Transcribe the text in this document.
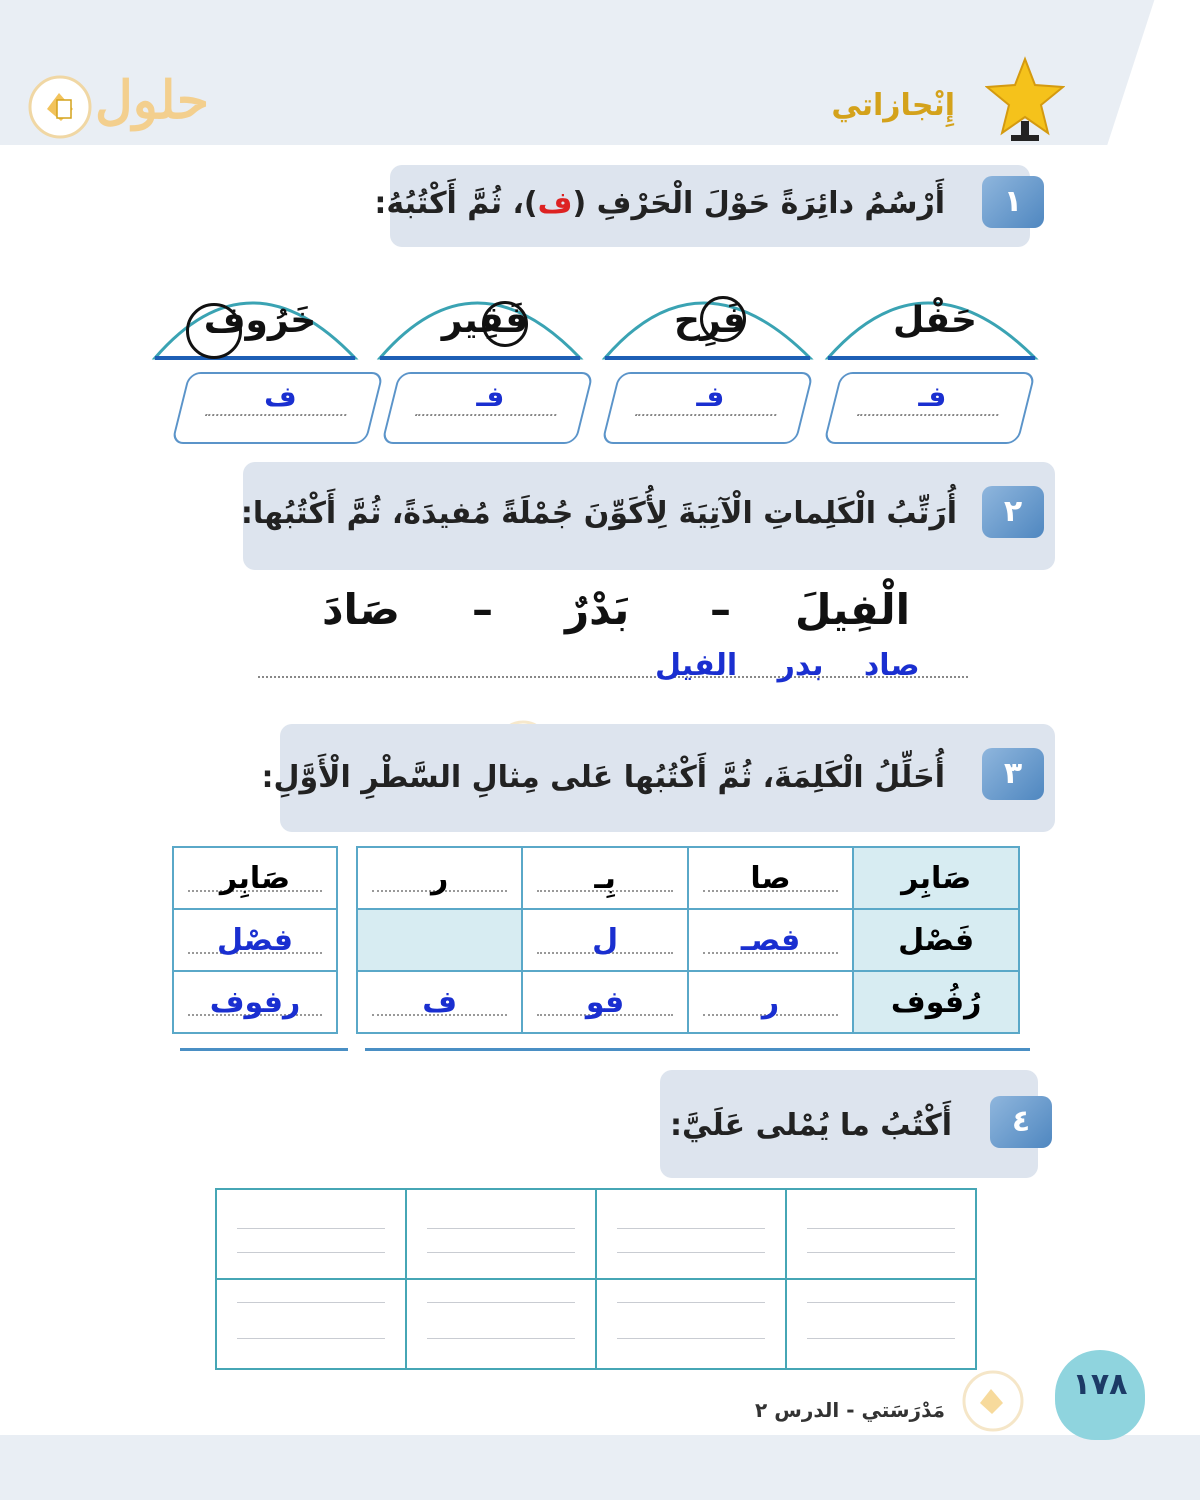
حلول	إِنْجازاتي
١
أَرْسُمُ دائِرَةً حَوْلَ الْحَرْفِ (ف)، ثُمَّ أَكْتُبُهُ:
خَرُوف	فَقِير	فَرِح	حَفْل
ف	فـ	فـ	فـ
٢
أُرَتِّبُ الْكَلِماتِ الْآتِيَةَ لِأُكَوِّنَ جُمْلَةً مُفيدَةً، ثُمَّ أَكْتُبُها:
الْفِيلَ
–
بَدْرٌ
–
صَادَ
صاد بدر الفيل
٣
أُحَلِّلُ الْكَلِمَةَ، ثُمَّ أَكْتُبُها عَلى مِثالِ السَّطْرِ الْأَوَّلِ:
صَابِر

فصْل

رفوف
ر	بِـ	صا	صَابِر

ل	فصـ	فَصْل

ف	فو	ر	رُفُوف
٤
أَكْتُبُ ما يُمْلى عَلَيَّ:

١٧٨
مَدْرَسَتي - الدرس ٢
